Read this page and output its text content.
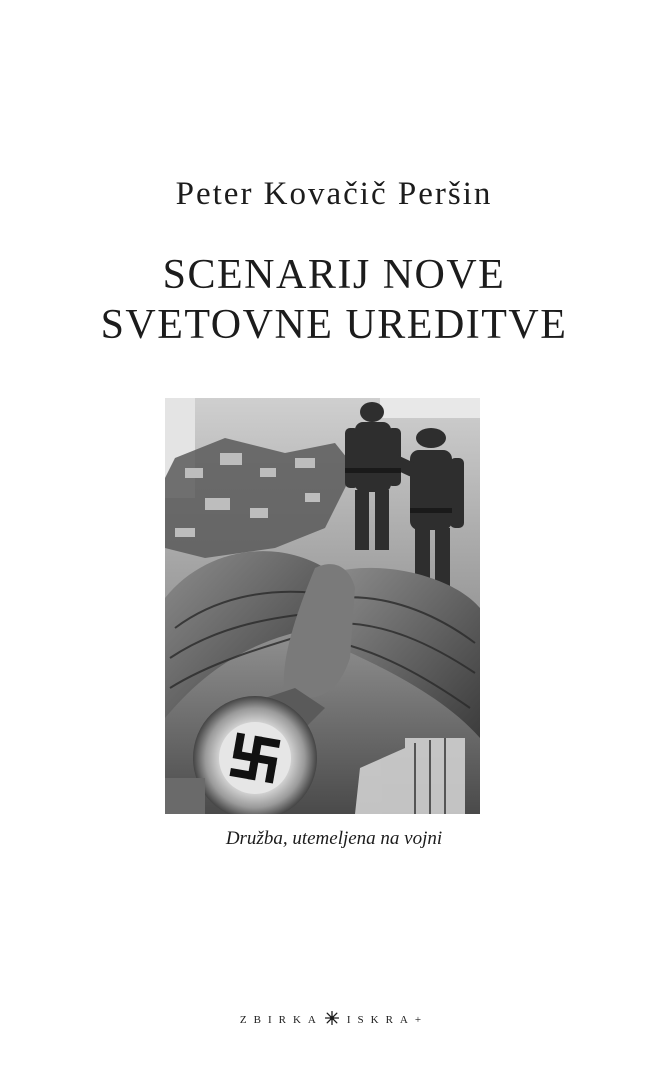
Peter Kovačič Peršin
SCENARIJ NOVE
SVETOVNE UREDITVE
Družba, utemeljena na vojni
ZBIRKA ISKRA+
